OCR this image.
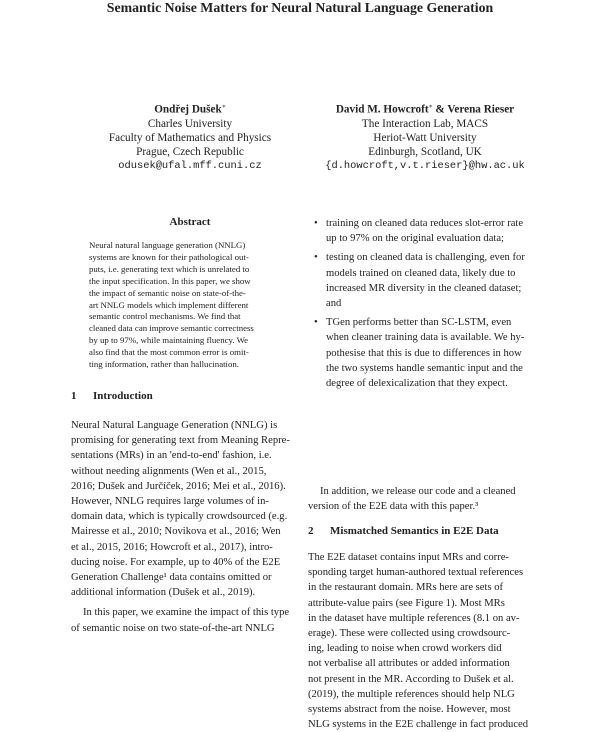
Semantic Noise Matters for Neural Natural Language Generation
Ondřej Dušek∗
Charles University
Faculty of Mathematics and Physics
Prague, Czech Republic
odusek@ufal.mff.cuni.cz
David M. Howcroft∗ & Verena Rieser
The Interaction Lab, MACS
Heriot-Watt University
Edinburgh, Scotland, UK
{d.howcroft,v.t.rieser}@hw.ac.uk
Abstract
Neural natural language generation (NNLG)
systems are known for their pathological out-
puts, i.e. generating text which is unrelated to
the input specification. In this paper, we show
the impact of semantic noise on state-of-the-
art NNLG models which implement different
semantic control mechanisms. We find that
cleaned data can improve semantic correctness
by up to 97%, while maintaining fluency. We
also find that the most common error is omit-
ting information, rather than hallucination.
1 Introduction
Neural Natural Language Generation (NNLG) is
promising for generating text from Meaning Repre-
sentations (MRs) in an 'end-to-end' fashion, i.e.
without needing alignments (Wen et al., 2015,
2016; Dušek and Jurčíček, 2016; Mei et al., 2016).
However, NNLG requires large volumes of in-
domain data, which is typically crowdsourced (e.g.
Mairesse et al., 2010; Novikova et al., 2016; Wen
et al., 2015, 2016; Howcroft et al., 2017), intro-
ducing noise. For example, up to 40% of the E2E
Generation Challenge¹ data contains omitted or
additional information (Dušek et al., 2019).
In this paper, we examine the impact of this type
of semantic noise on two state-of-the-art NNLG
• training on cleaned data reduces slot-error rate
up to 97% on the original evaluation data;
• testing on cleaned data is challenging, even for
models trained on cleaned data, likely due to
increased MR diversity in the cleaned dataset;
and
• TGen performs better than SC-LSTM, even
when cleaner training data is available. We hy-
pothesise that this is due to differences in how
the two systems handle semantic input and the
degree of delexicalization that they expect.
In addition, we release our code and a cleaned
version of the E2E data with this paper.³
2 Mismatched Semantics in E2E Data
The E2E dataset contains input MRs and corre-
sponding target human-authored textual references
in the restaurant domain. MRs here are sets of
attribute-value pairs (see Figure 1). Most MRs
in the dataset have multiple references (8.1 on av-
erage). These were collected using crowdsourc-
ing, leading to noise when crowd workers did
not verbalise all attributes or added information
not present in the MR. According to Dušek et al.
(2019), the multiple references should help NLG
systems abstract from the noise. However, most
NLG systems in the E2E challenge in fact produced
